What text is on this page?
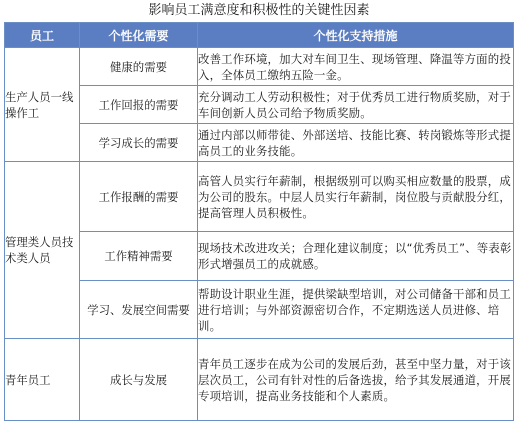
影响员工满意度和积极性的关键性因素
员工	个性化需要	个性化支持措施
生产人员一线操作工	健康的需要	改善工作环境，加大对车间卫生、现场管理、降温等方面的投入，全体员工缴纳五险一金。
	工作回报的需要	充分调动工人劳动积极性；对于优秀员工进行物质奖励，对于车间创新人员公司给予物质奖励。
	学习成长的需要	通过内部以师带徒、外部送培、技能比赛、转岗锻炼等形式提高员工的业务技能。
管理类人员技术类人员	工作报酬的需要	高管人员实行年薪制，根据级别可以购买相应数量的股票，成为公司的股东。中层人员实行年薪制，岗位股与贡献股分红，提高管理人员积极性。
	工作精神需要	现场技术改进攻关；合理化建议制度；以“优秀员工”、等表彰形式增强员工的成就感。
	学习、发展空间需要	帮助设计职业生涯，提供梁缺型培训，对公司储备干部和员工进行培训；与外部资源密切合作，不定期选送人员进修、培训。
青年员工	成长与发展	青年员工逐步在成为公司的发展后劲，甚至中坚力量，对于该层次员工，公司有针对性的后备选拔，给予其发展通道，开展专项培训，提高业务技能和个人素质。
